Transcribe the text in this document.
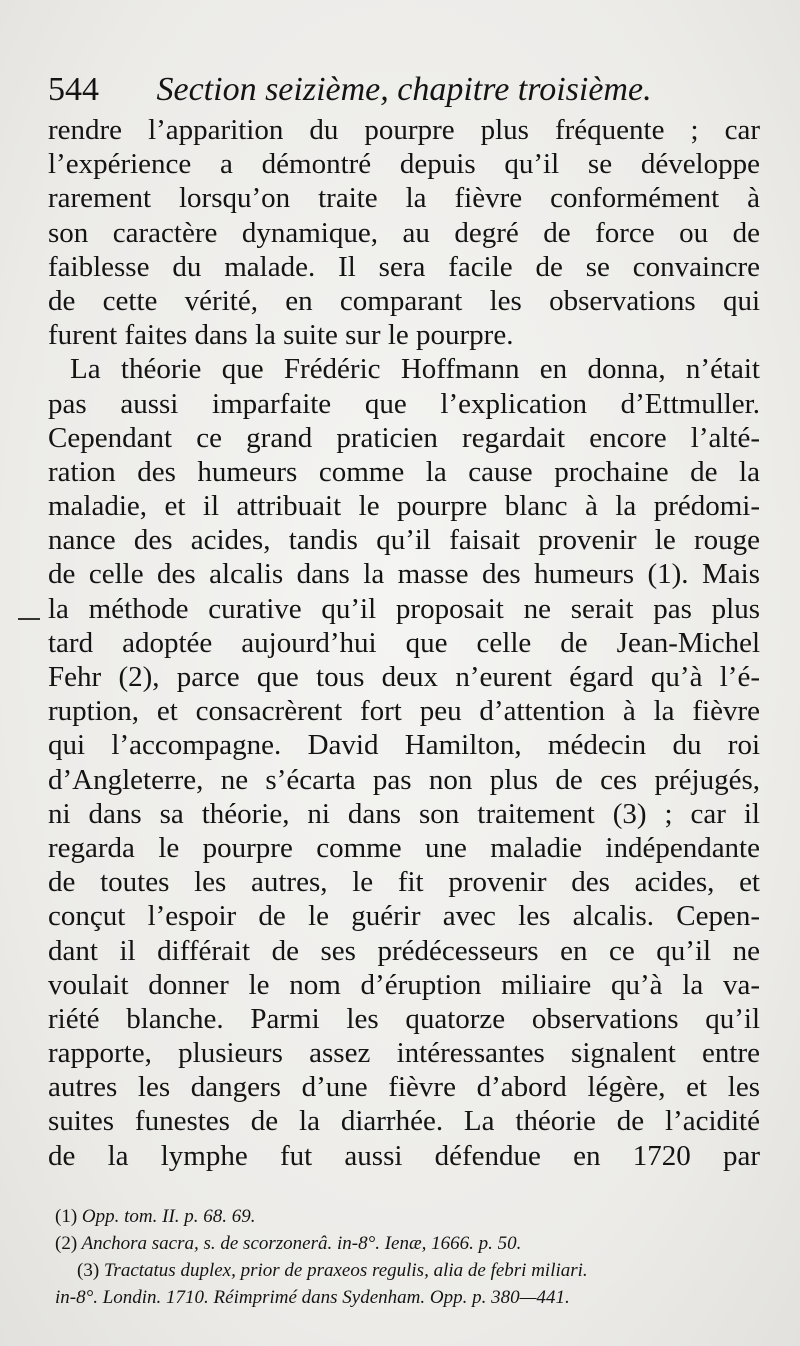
544 Section seizième, chapitre troisième.
rendre l’apparition du pourpre plus fréquente ; car
l’expérience a démontré depuis qu’il se développe
rarement lorsqu’on traite la fièvre conformément à
son caractère dynamique, au degré de force ou de
faiblesse du malade. Il sera facile de se convaincre
de cette vérité, en comparant les observations qui
furent faites dans la suite sur le pourpre.
La théorie que Frédéric Hoffmann en donna, n’était
pas aussi imparfaite que l’explication d’Ettmuller.
Cependant ce grand praticien regardait encore l’alté-
ration des humeurs comme la cause prochaine de la
maladie, et il attribuait le pourpre blanc à la prédomi-
nance des acides, tandis qu’il faisait provenir le rouge
de celle des alcalis dans la masse des humeurs (1). Mais
la méthode curative qu’il proposait ne serait pas plus
tard adoptée aujourd’hui que celle de Jean-Michel
Fehr (2), parce que tous deux n’eurent égard qu’à l’é-
ruption, et consacrèrent fort peu d’attention à la fièvre
qui l’accompagne. David Hamilton, médecin du roi
d’Angleterre, ne s’écarta pas non plus de ces préjugés,
ni dans sa théorie, ni dans son traitement (3) ; car il
regarda le pourpre comme une maladie indépendante
de toutes les autres, le fit provenir des acides, et
conçut l’espoir de le guérir avec les alcalis. Cepen-
dant il différait de ses prédécesseurs en ce qu’il ne
voulait donner le nom d’éruption miliaire qu’à la va-
riété blanche. Parmi les quatorze observations qu’il
rapporte, plusieurs assez intéressantes signalent entre
autres les dangers d’une fièvre d’abord légère, et les
suites funestes de la diarrhée. La théorie de l’acidité
de la lymphe fut aussi défendue en 1720 par
(1) Opp. tom. II. p. 68. 69.
(2) Anchora sacra, s. de scorzonerâ. in-8°. Ienæ, 1666. p. 50.
(3) Tractatus duplex, prior de praxeos regulis, alia de febri miliari.
in-8°. Londin. 1710. Réimprimé dans Sydenham. Opp. p. 380—441.
